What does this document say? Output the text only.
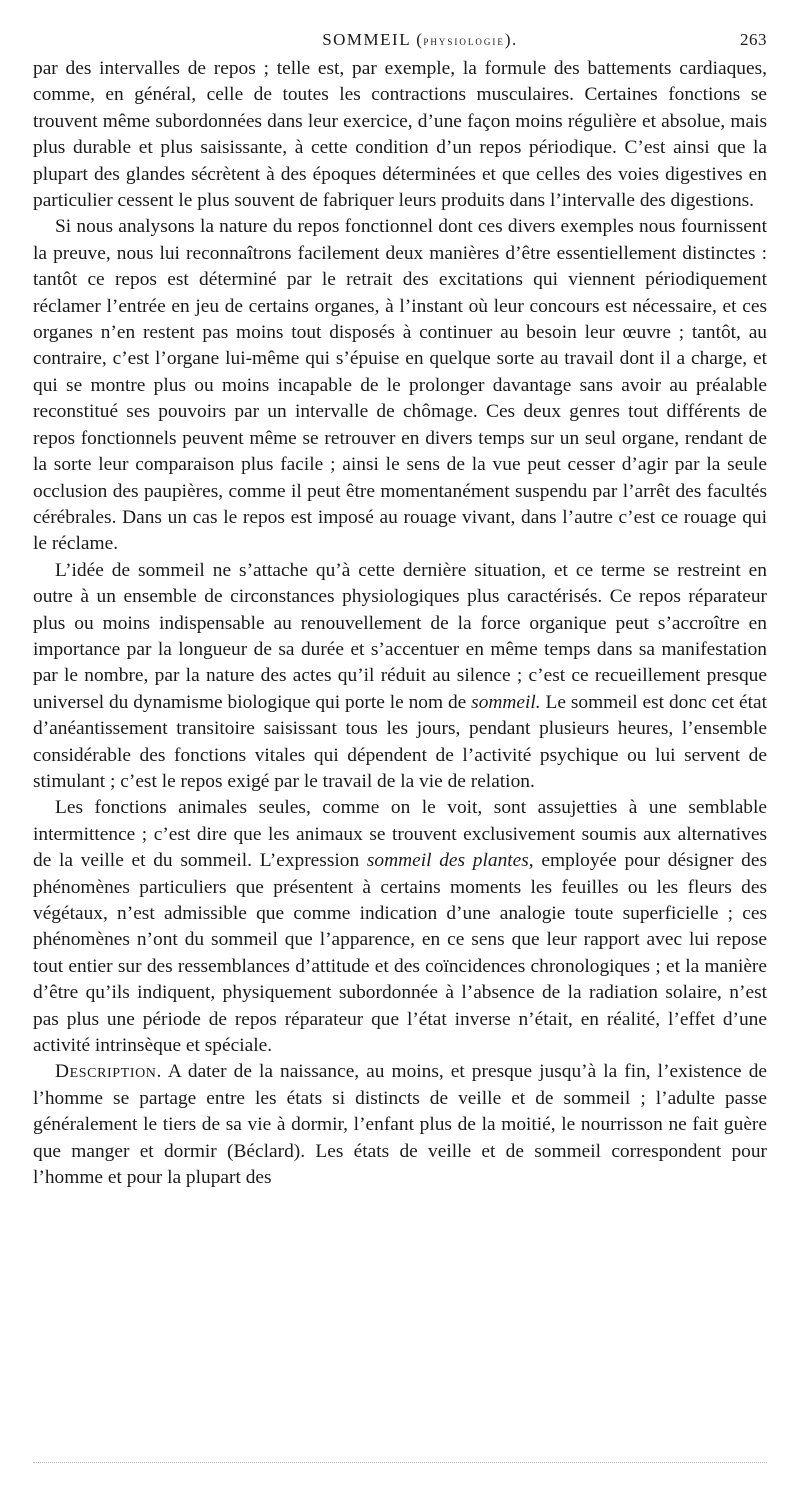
SOMMEIL (physiologie).	263

par des intervalles de repos ; telle est, par exemple, la formule des battements cardiaques, comme, en général, celle de toutes les contractions musculaires. Certaines fonctions se trouvent même subordonnées dans leur exercice, d’une façon moins régulière et absolue, mais plus durable et plus saisissante, à cette condition d’un repos périodique. C’est ainsi que la plupart des glandes sécrètent à des époques déterminées et que celles des voies digestives en particulier cessent le plus souvent de fabriquer leurs produits dans l’intervalle des digestions.

Si nous analysons la nature du repos fonctionnel dont ces divers exemples nous fournissent la preuve, nous lui reconnaîtrons facilement deux manières d’être essentiellement distinctes : tantôt ce repos est déterminé par le retrait des excitations qui viennent périodiquement réclamer l’entrée en jeu de certains organes, à l’instant où leur concours est nécessaire, et ces organes n’en restent pas moins tout disposés à continuer au besoin leur œuvre ; tantôt, au contraire, c’est l’organe lui-même qui s’épuise en quelque sorte au travail dont il a charge, et qui se montre plus ou moins incapable de le prolonger davantage sans avoir au préalable reconstitué ses pouvoirs par un intervalle de chômage. Ces deux genres tout différents de repos fonctionnels peuvent même se retrouver en divers temps sur un seul organe, rendant de la sorte leur comparaison plus facile ; ainsi le sens de la vue peut cesser d’agir par la seule occlusion des paupières, comme il peut être momentanément suspendu par l’arrêt des facultés cérébrales. Dans un cas le repos est imposé au rouage vivant, dans l’autre c’est ce rouage qui le réclame.

L’idée de sommeil ne s’attache qu’à cette dernière situation, et ce terme se restreint en outre à un ensemble de circonstances physiologiques plus caractérisés. Ce repos réparateur plus ou moins indispensable au renouvellement de la force organique peut s’accroître en importance par la longueur de sa durée et s’accentuer en même temps dans sa manifestation par le nombre, par la nature des actes qu’il réduit au silence ; c’est ce recueillement presque universel du dynamisme biologique qui porte le nom de sommeil. Le sommeil est donc cet état d’anéantissement transitoire saisissant tous les jours, pendant plusieurs heures, l’ensemble considérable des fonctions vitales qui dépendent de l’activité psychique ou lui servent de stimulant ; c’est le repos exigé par le travail de la vie de relation.

Les fonctions animales seules, comme on le voit, sont assujetties à une semblable intermittence ; c’est dire que les animaux se trouvent exclusivement soumis aux alternatives de la veille et du sommeil. L’expression sommeil des plantes, employée pour désigner des phénomènes particuliers que présentent à certains moments les feuilles ou les fleurs des végétaux, n’est admissible que comme indication d’une analogie toute superficielle ; ces phénomènes n’ont du sommeil que l’apparence, en ce sens que leur rapport avec lui repose tout entier sur des ressemblances d’attitude et des coïncidences chronologiques ; et la manière d’être qu’ils indiquent, physiquement subordonnée à l’absence de la radiation solaire, n’est pas plus une période de repos réparateur que l’état inverse n’était, en réalité, l’effet d’une activité intrinsèque et spéciale.

Description. A dater de la naissance, au moins, et presque jusqu’à la fin, l’existence de l’homme se partage entre les états si distincts de veille et de sommeil ; l’adulte passe généralement le tiers de sa vie à dormir, l’enfant plus de la moitié, le nourrisson ne fait guère que manger et dormir (Béclard). Les états de veille et de sommeil correspondent pour l’homme et pour la plupart des
